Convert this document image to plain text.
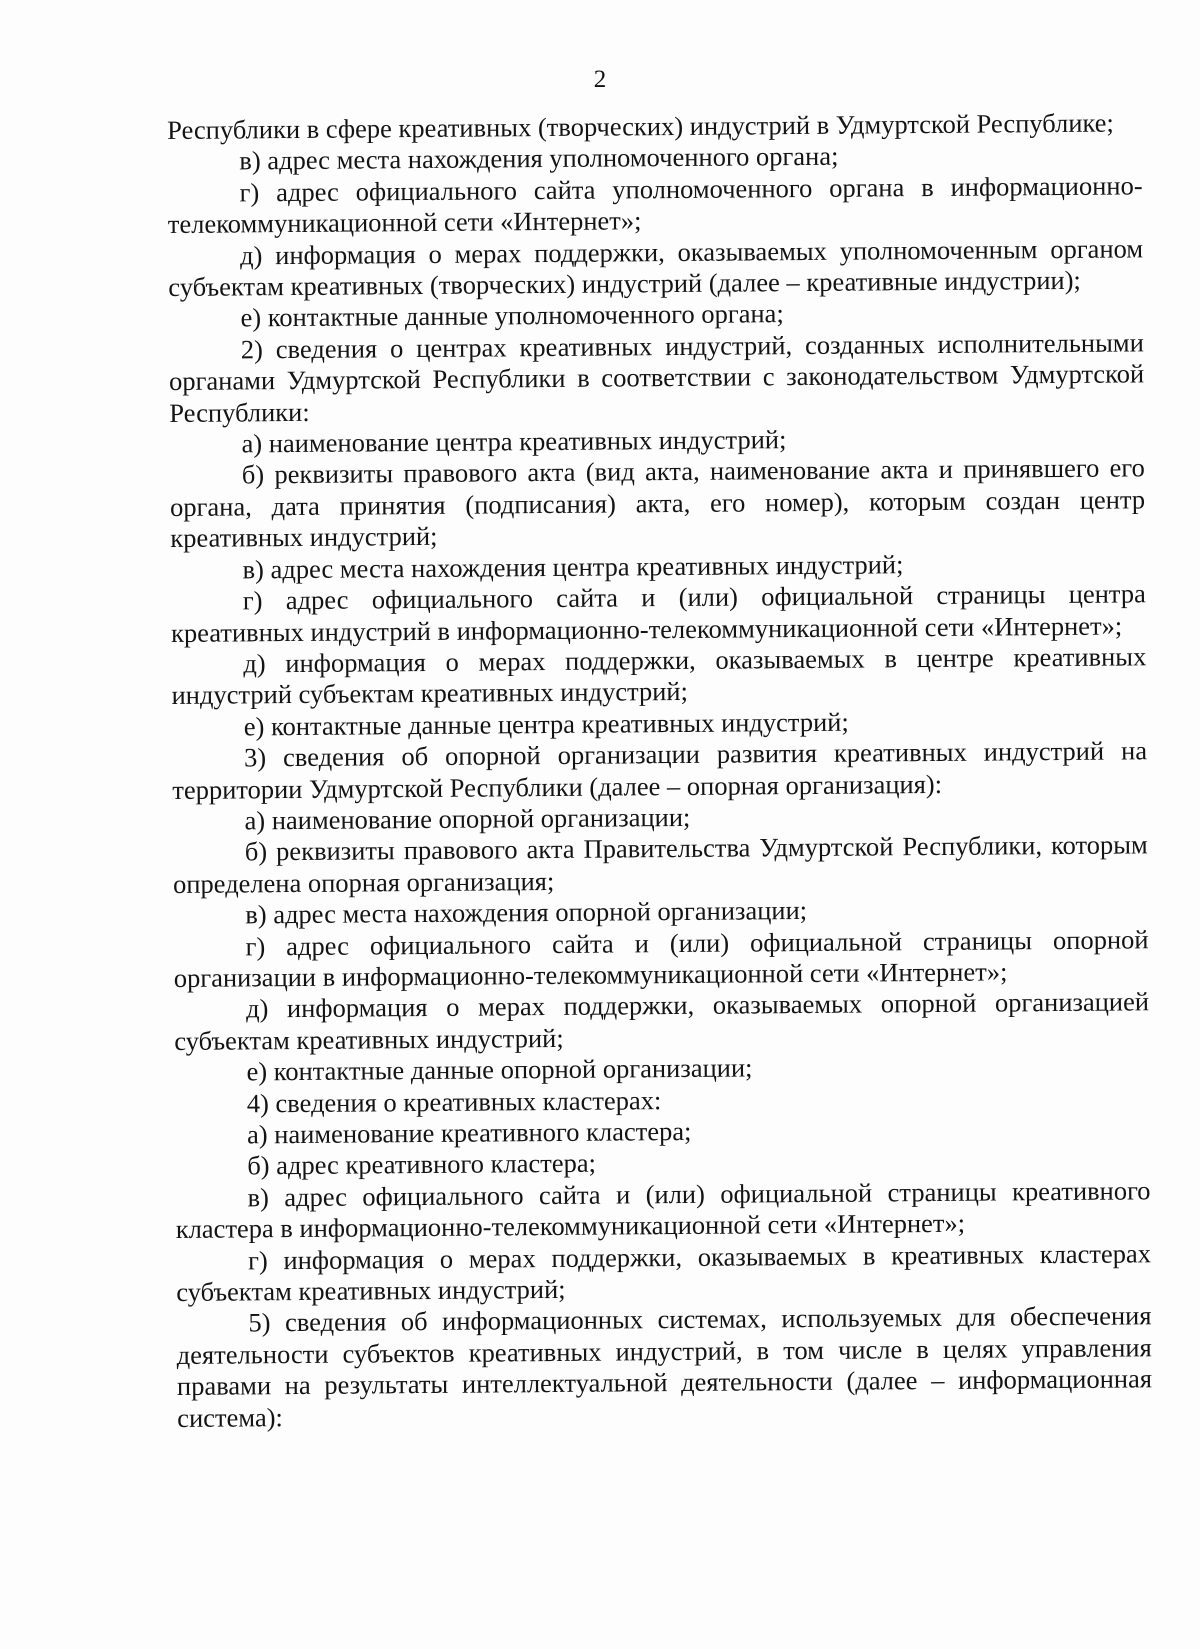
2

Республики в сфере креативных (творческих) индустрий в Удмуртской Республике;

в) адрес места нахождения уполномоченного органа;

г) адрес официального сайта уполномоченного органа в информационно-телекоммуникационной сети «Интернет»;

д) информация о мерах поддержки, оказываемых уполномоченным органом субъектам креативных (творческих) индустрий (далее – креативные индустрии);

е) контактные данные уполномоченного органа;

2) сведения о центрах креативных индустрий, созданных исполнительными органами Удмуртской Республики в соответствии с законодательством Удмуртской Республики:

а) наименование центра креативных индустрий;

б) реквизиты правового акта (вид акта, наименование акта и принявшего его органа, дата принятия (подписания) акта, его номер), которым создан центр креативных индустрий;

в) адрес места нахождения центра креативных индустрий;

г) адрес официального сайта и (или) официальной страницы центра креативных индустрий в информационно-телекоммуникационной сети «Интернет»;

д) информация о мерах поддержки, оказываемых в центре креативных индустрий субъектам креативных индустрий;

е) контактные данные центра креативных индустрий;

3) сведения об опорной организации развития креативных индустрий на территории Удмуртской Республики (далее – опорная организация):

а) наименование опорной организации;

б) реквизиты правового акта Правительства Удмуртской Республики, которым определена опорная организация;

в) адрес места нахождения опорной организации;

г) адрес официального сайта и (или) официальной страницы опорной организации в информационно-телекоммуникационной сети «Интернет»;

д) информация о мерах поддержки, оказываемых опорной организацией субъектам креативных индустрий;

е) контактные данные опорной организации;

4) сведения о креативных кластерах:

а) наименование креативного кластера;

б) адрес креативного кластера;

в) адрес официального сайта и (или) официальной страницы креативного кластера в информационно-телекоммуникационной сети «Интернет»;

г) информация о мерах поддержки, оказываемых в креативных кластерах субъектам креативных индустрий;

5) сведения об информационных системах, используемых для обеспечения деятельности субъектов креативных индустрий, в том числе в целях управления правами на результаты интеллектуальной деятельности (далее – информационная система):
